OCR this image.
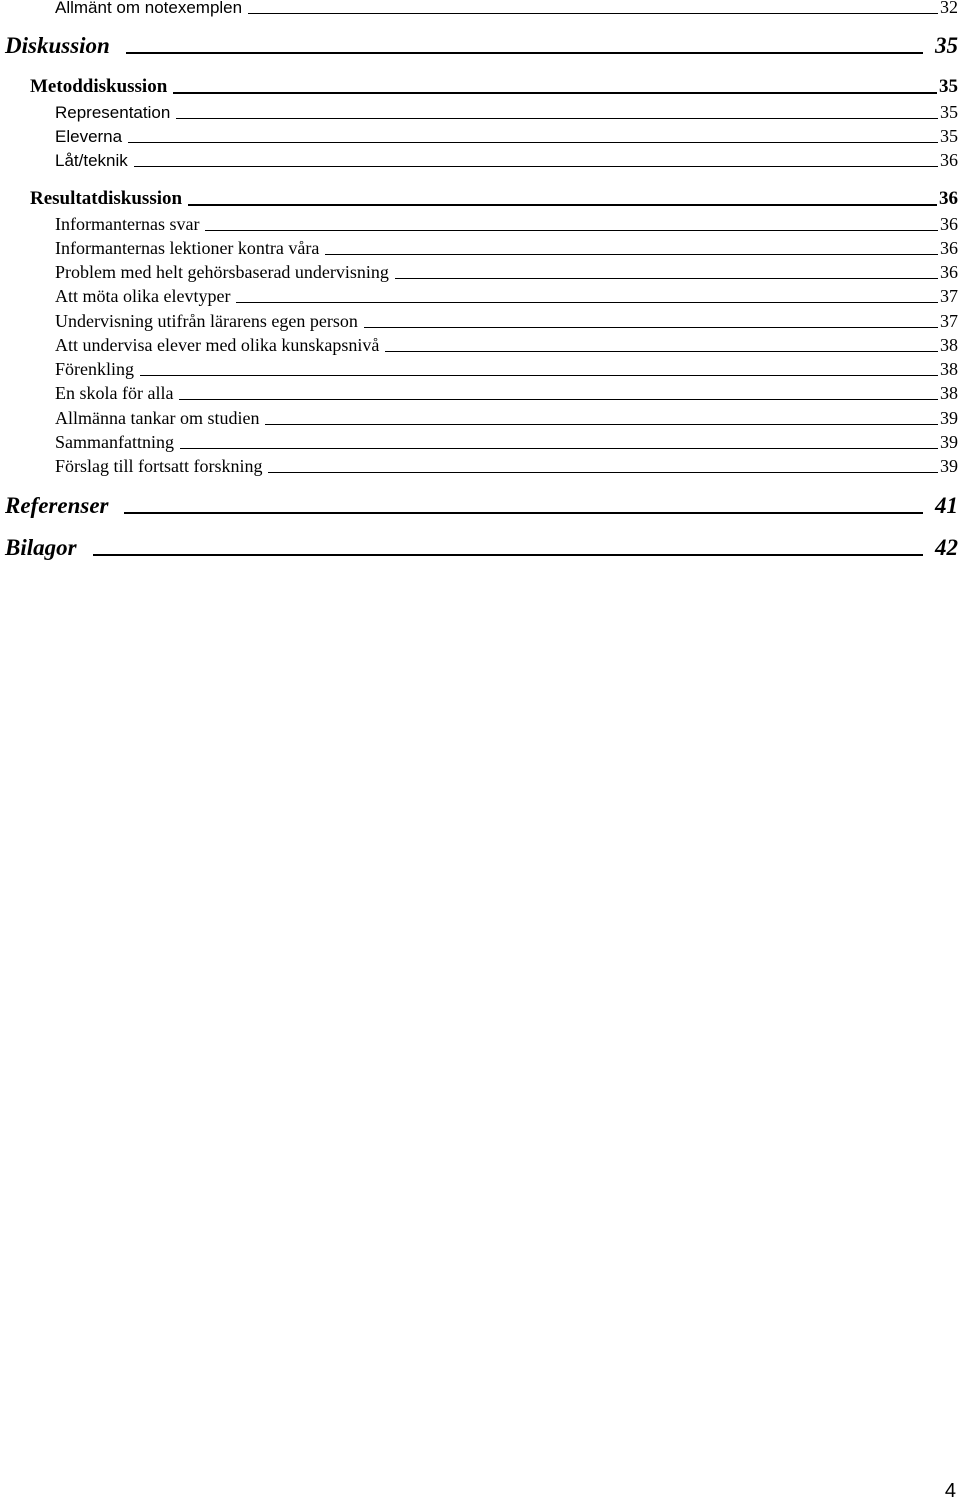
Allmänt om notexemplen	32
Diskussion	35
Metoddiskussion	35
Representation	35
Eleverna	35
Låt/teknik	36
Resultatdiskussion	36
Informanternas svar	36
Informanternas lektioner kontra våra	36
Problem med helt gehörsbaserad undervisning	36
Att möta olika elevtyper	37
Undervisning utifrån lärarens egen person	37
Att undervisa elever med olika kunskapsnivå	38
Förenkling	38
En skola för alla	38
Allmänna tankar om studien	39
Sammanfattning	39
Förslag till fortsatt forskning	39
Referenser	41
Bilagor	42
4
